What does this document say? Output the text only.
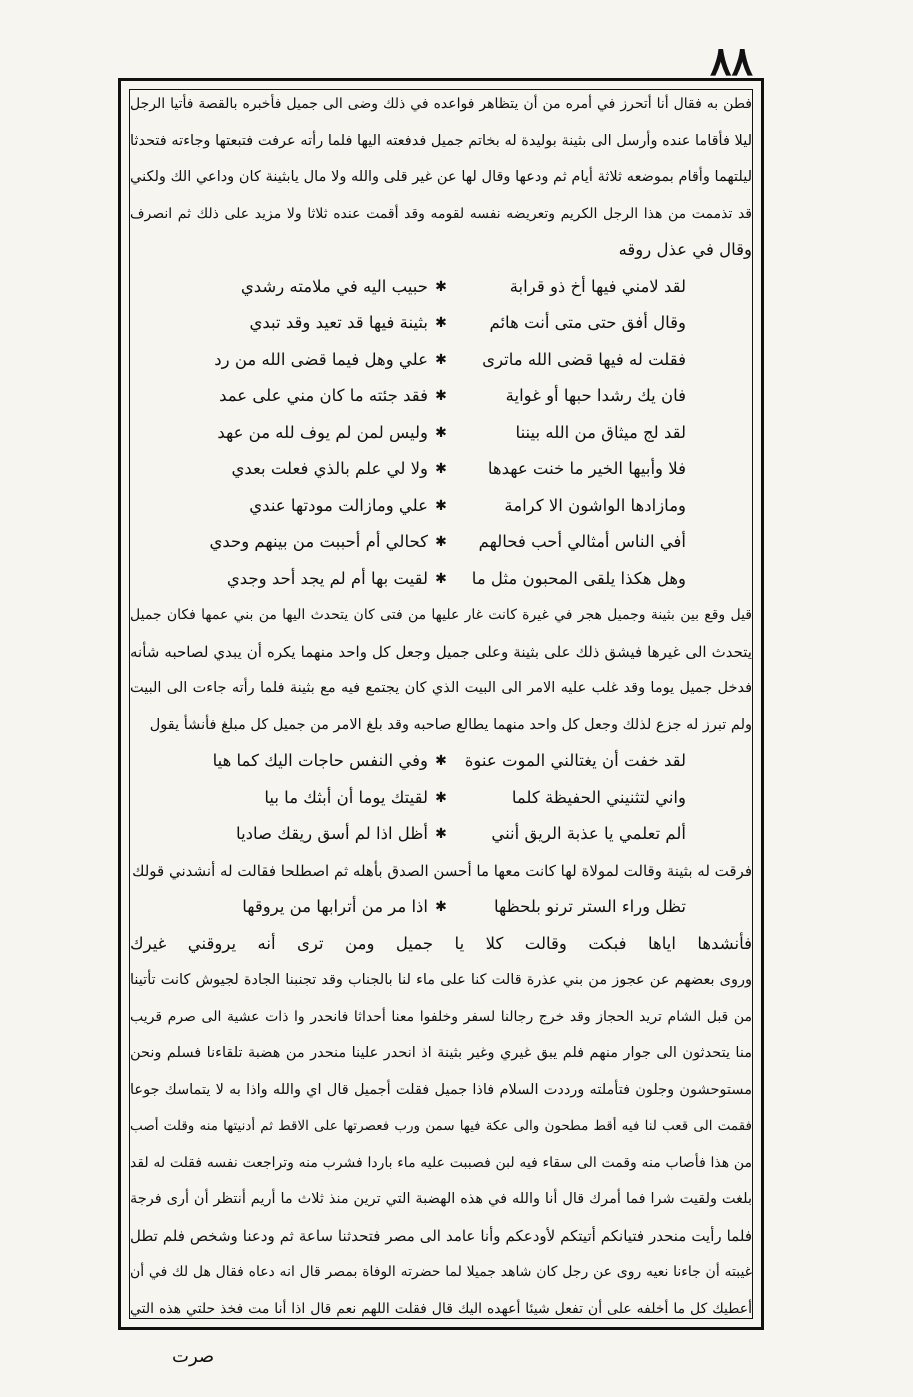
٨٨
فطن به فقال أنا أتحرز في أمره من أن يتظاهر فواعده في ذلك وضى الى جميل فأخبره بالقصة فأتيا الرجل
ليلا فأقاما عنده وأرسل الى بثينة بوليدة له بخاتم جميل فدفعته اليها فلما رأته عرفت فتبعتها وجاءته فتحدثا
ليلتهما وأقام بموضعه ثلاثة أيام ثم ودعها وقال لها عن غير قلى والله ولا مال يابثينة كان وداعي الك ولكني
قد تذممت من هذا الرجل الكريم وتعريضه نفسه لقومه وقد أقمت عنده ثلاثا ولا مزيد على ذلك ثم انصرف
وقال في عذل روقه
لقد لامني فيها أخ ذو قرابة
✱
حبيب اليه في ملامته رشدي
وقال أفق حتى متى أنت هائم
✱
بثينة فيها قد تعيد وقد تبدي
فقلت له فيها قضى الله ماترى
✱
علي وهل فيما قضى الله من رد
فان يك رشدا حبها أو غواية
✱
فقد جئته ما كان مني على عمد
لقد لج ميثاق من الله بيننا
✱
وليس لمن لم يوف لله من عهد
فلا وأبيها الخير ما خنت عهدها
✱
ولا لي علم بالذي فعلت بعدي
ومازادها الواشون الا كرامة
✱
علي ومازالت مودتها عندي
أفي الناس أمثالي أحب فحالهم
✱
كحالي أم أحببت من بينهم وحدي
وهل هكذا يلقى المحبون مثل ما
✱
لقيت بها أم لم يجد أحد وجدي
قيل وقع بين بثينة وجميل هجر في غيرة كانت غار عليها من فتى كان يتحدث اليها من بني عمها فكان جميل
يتحدث الى غيرها فيشق ذلك على بثينة وعلى جميل وجعل كل واحد منهما يكره أن يبدي لصاحبه شأنه
فدخل جميل يوما وقد غلب عليه الامر الى البيت الذي كان يجتمع فيه مع بثينة فلما رأته جاءت الى البيت
ولم تبرز له جزع لذلك وجعل كل واحد منهما يطالع صاحبه وقد بلغ الامر من جميل كل مبلغ فأنشأ يقول
لقد خفت أن يغتالني الموت عنوة
✱
وفي النفس حاجات اليك كما هيا
واني لتثنيني الحفيظة كلما
✱
لقيتك يوما أن أبثك ما بيا
ألم تعلمي يا عذبة الريق أنني
✱
أظل اذا لم أسق ريقك صاديا
فرقت له بثينة وقالت لمولاة لها كانت معها ما أحسن الصدق بأهله ثم اصطلحا فقالت له أنشدني قولك
تظل وراء الستر ترنو بلحظها
✱
اذا مر من أترابها من يروقها
فأنشدها اياها فبكت وقالت كلا يا جميل ومن ترى أنه يروقني غيرك
وروى بعضهم عن عجوز من بني عذرة قالت كنا على ماء لنا بالجناب وقد تجنبنا الجادة لجيوش كانت تأتينا
من قبل الشام تريد الحجاز وقد خرج رجالنا لسفر وخلفوا معنا أحداثا فانحدر وا ذات عشية الى صرم قريب
منا يتحدثون الى جوار منهم فلم يبق غيري وغير بثينة اذ انحدر علينا منحدر من هضبة تلقاءنا فسلم ونحن
مستوحشون وجلون فتأملته ورددت السلام فاذا جميل فقلت أجميل قال اي والله واذا به لا يتماسك جوعا
فقمت الى قعب لنا فيه أقط مطحون والى عكة فيها سمن ورب فعصرتها على الاقط ثم أدنيتها منه وقلت أصب
من هذا فأصاب منه وقمت الى سقاء فيه لبن فصببت عليه ماء باردا فشرب منه وتراجعت نفسه فقلت له لقد
بلغت ولقيت شرا فما أمرك قال أنا والله في هذه الهضبة التي ترين منذ ثلاث ما أريم أنتظر أن أرى فرجة
فلما رأيت منحدر فتيانكم أتيتكم لأودعكم وأنا عامد الى مصر فتحدثنا ساعة ثم ودعنا وشخص فلم تطل
غيبته أن جاءنا نعيه روى عن رجل كان شاهد جميلا لما حضرته الوفاة بمصر قال انه دعاه فقال هل لك في أن
أعطيك كل ما أخلفه على أن تفعل شيئا أعهده اليك قال فقلت اللهم نعم قال اذا أنا مت فخذ حلتي هذه التي
صرت
